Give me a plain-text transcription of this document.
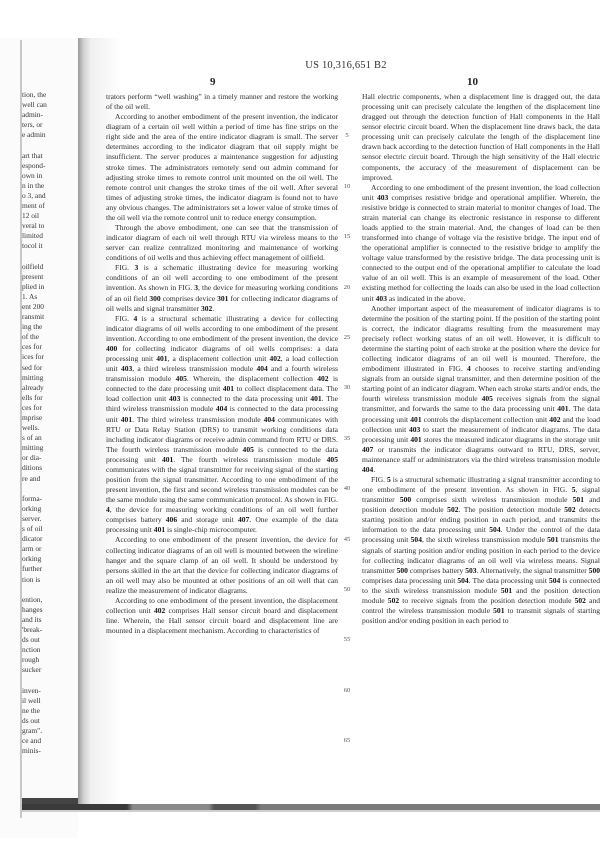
tion, the
well can
admin-
ters, or
e admin
art that
espond-
own in
n in the
o 3, and
ment of
12 oil
veral to
limited
tocol it
oilfield
present
plied in
1. As
ent 200
ransmit
ing the
of the
ces for
ices for
sed for
mitting
already
ells for
ces for
mprise
wells.
s of an
mitting
or dia-
ditions
re and
forma-
orking
server.
s of oil
dicator
arm or
orking
further
tion is
ention,
hanges
and its
'break-
ds out
nction
rough
sucker
inven-
il well
ne the
ds out
gram".
ce and
minis-
US 10,316,651 B2
9	10

trators perform “well washing” in a timely manner and restore the working of the oil well.

According to another embodiment of the present invention, the indicator diagram of a certain oil well within a period of time has fine strips on the right side and the area of the entire indicator diagram is small. The server determines according to the indicator diagram that oil supply might be insufficient. The server produces a maintenance suggestion for adjusting stroke times. The administrators remotely send out admin command for adjusting stroke times to remote control unit mounted on the oil well. The remote control unit changes the stroke times of the oil well. After several times of adjusting stroke times, the indicator diagram is found not to have any obvious changes. The administrators set a lower value of stroke times of the oil well via the remote control unit to reduce energy consumption.

Through the above embodiment, one can see that the transmission of indicator diagram of each oil well through RTU via wireless means to the server can realize centralized monitoring and maintenance of working conditions of oil wells and thus achieving effect management of oilfield.

FIG. 3 is a schematic illustrating device for measuring working conditions of an oil well according to one embodiment of the present invention. As shown in FIG. 3, the device for measuring working conditions of an oil field 300 comprises device 301 for collecting indicator diagrams of oil wells and signal transmitter 302.

FIG. 4 is a structural schematic illustrating a device for collecting indicator diagrams of oil wells according to one embodiment of the present invention. According to one embodiment of the present invention, the device 400 for collecting indicator diagrams of oil wells comprises: a data processing unit 401, a displacement collection unit 402, a load collection unit 403, a third wireless transmission module 404 and a fourth wireless transmission module 405. Wherein, the displacement collection 402 is connected to the date processing unit 401 to collect displacement data. The load collection unit 403 is connected to the data processing unit 401. The third wireless transmission module 404 is connected to the data processing unit 401. The third wireless transmission module 404 communicates with RTU or Data Relay Station (DRS) to transmit working conditions data including indicator diagrams or receive admin command from RTU or DRS. The fourth wireless transmission module 405 is connected to the data processing unit 401. The fourth wireless transmission module 405 communicates with the signal transmitter for receiving signal of the starting position from the signal transmitter. According to one embodiment of the present invention, the first and second wireless transmission modules can be the same module using the same communication protocol. As shown in FIG. 4, the device for measuring working conditions of an oil well further comprises battery 406 and storage unit 407. One example of the data processing unit 401 is single-chip microcomputer.

According to one embodiment of the present invention, the device for collecting indicator diagrams of an oil well is mounted between the wireline hanger and the square clamp of an oil well. It should be understood by persons skilled in the art that the device for collecting indicator diagrams of an oil well may also be mounted at other positions of an oil well that can realize the measurement of indicator diagrams.

According to one embodiment of the present invention, the displacement collection unit 402 comprises Hall sensor circuit board and displacement line. Wherein, the Hall sensor circuit board and displacement line are mounted in a displacement mechanism. According to characteristics of

5
10
15
20
25
30
35
40
45
50
55
60
65

Hall electric components, when a displacement line is dragged out, the data processing unit can precisely calculate the lengthen of the displacement line dragged out through the detection function of Hall components in the Hall sensor electric circuit board. When the displacement line draws back, the data processing unit can precisely calculate the length of the displacement line drawn back according to the detection function of Hall components in the Hall sensor electric circuit board. Through the high sensitivity of the Hall electric components, the accuracy of the measurement of displacement can be improved.

According to one embodiment of the present invention, the load collection unit 403 comprises resistive bridge and operational amplifier. Wherein, the resistive bridge is connected to strain material to monitor changes of load. The strain material can change its electronic resistance in response to different loads applied to the strain material. And, the changes of load can be then transformed into change of voltage via the resistive bridge. The input end of the operational amplifier is connected to the resistive bridge to amplify the voltage value transformed by the resistive bridge. The data processing unit is connected to the output end of the operational amplifier to calculate the load value of an oil well. This is an example of measurement of the load. Other existing method for collecting the loads can also be used in the load collection unit 403 as indicated in the above.

Another important aspect of the measurement of indicator diagrams is to determine the position of the starting point. If the position of the starting point is correct, the indicator diagrams resulting from the measurement may precisely reflect working status of an oil well. However, it is difficult to determine the starting point of each stroke at the position where the device for collecting indicator diagrams of an oil well is mounted. Therefore, the embodiment illustrated in FIG. 4 chooses to receive starting and/ending signals from an outside signal transmitter, and then determine position of the starting point of an indicator diagram. When each stroke starts and/or ends, the fourth wireless transmission module 405 receives signals from the signal transmitter, and forwards the same to the data processing unit 401. The data processing unit 401 controls the displacement collection unit 402 and the load collection unit 403 to start the measurement of indicator diagrams. The data processing unit 401 stores the measured indicator diagrams in the storage unit 407 or transmits the indicator diagrams outward to RTU, DRS, server, maintenance staff or administrators via the third wireless transmission module 404.

FIG. 5 is a structural schematic illustrating a signal transmitter according to one embodiment of the present invention. As shown in FIG. 5, signal transmitter 500 comprises sixth wireless transmission module 501 and position detection module 502. The position detection module 502 detects starting position and/or ending position in each period, and transmits the information to the data processing unit 504. Under the control of the data processing unit 504, the sixth wireless transmission module 501 transmits the signals of starting position and/or ending position in each period to the device for collecting indicator diagrams of an oil well via wireless means. Signal transmitter 500 comprises battery 503. Alternatively, the signal transmitter 500 comprises data processing unit 504. The data processing unit 504 is connected to the sixth wireless transmission module 501 and the position detection module 502 to receive signals from the position detection module 502 and control the wireless transmission module 501 to transmit signals of starting position and/or ending position in each period to
